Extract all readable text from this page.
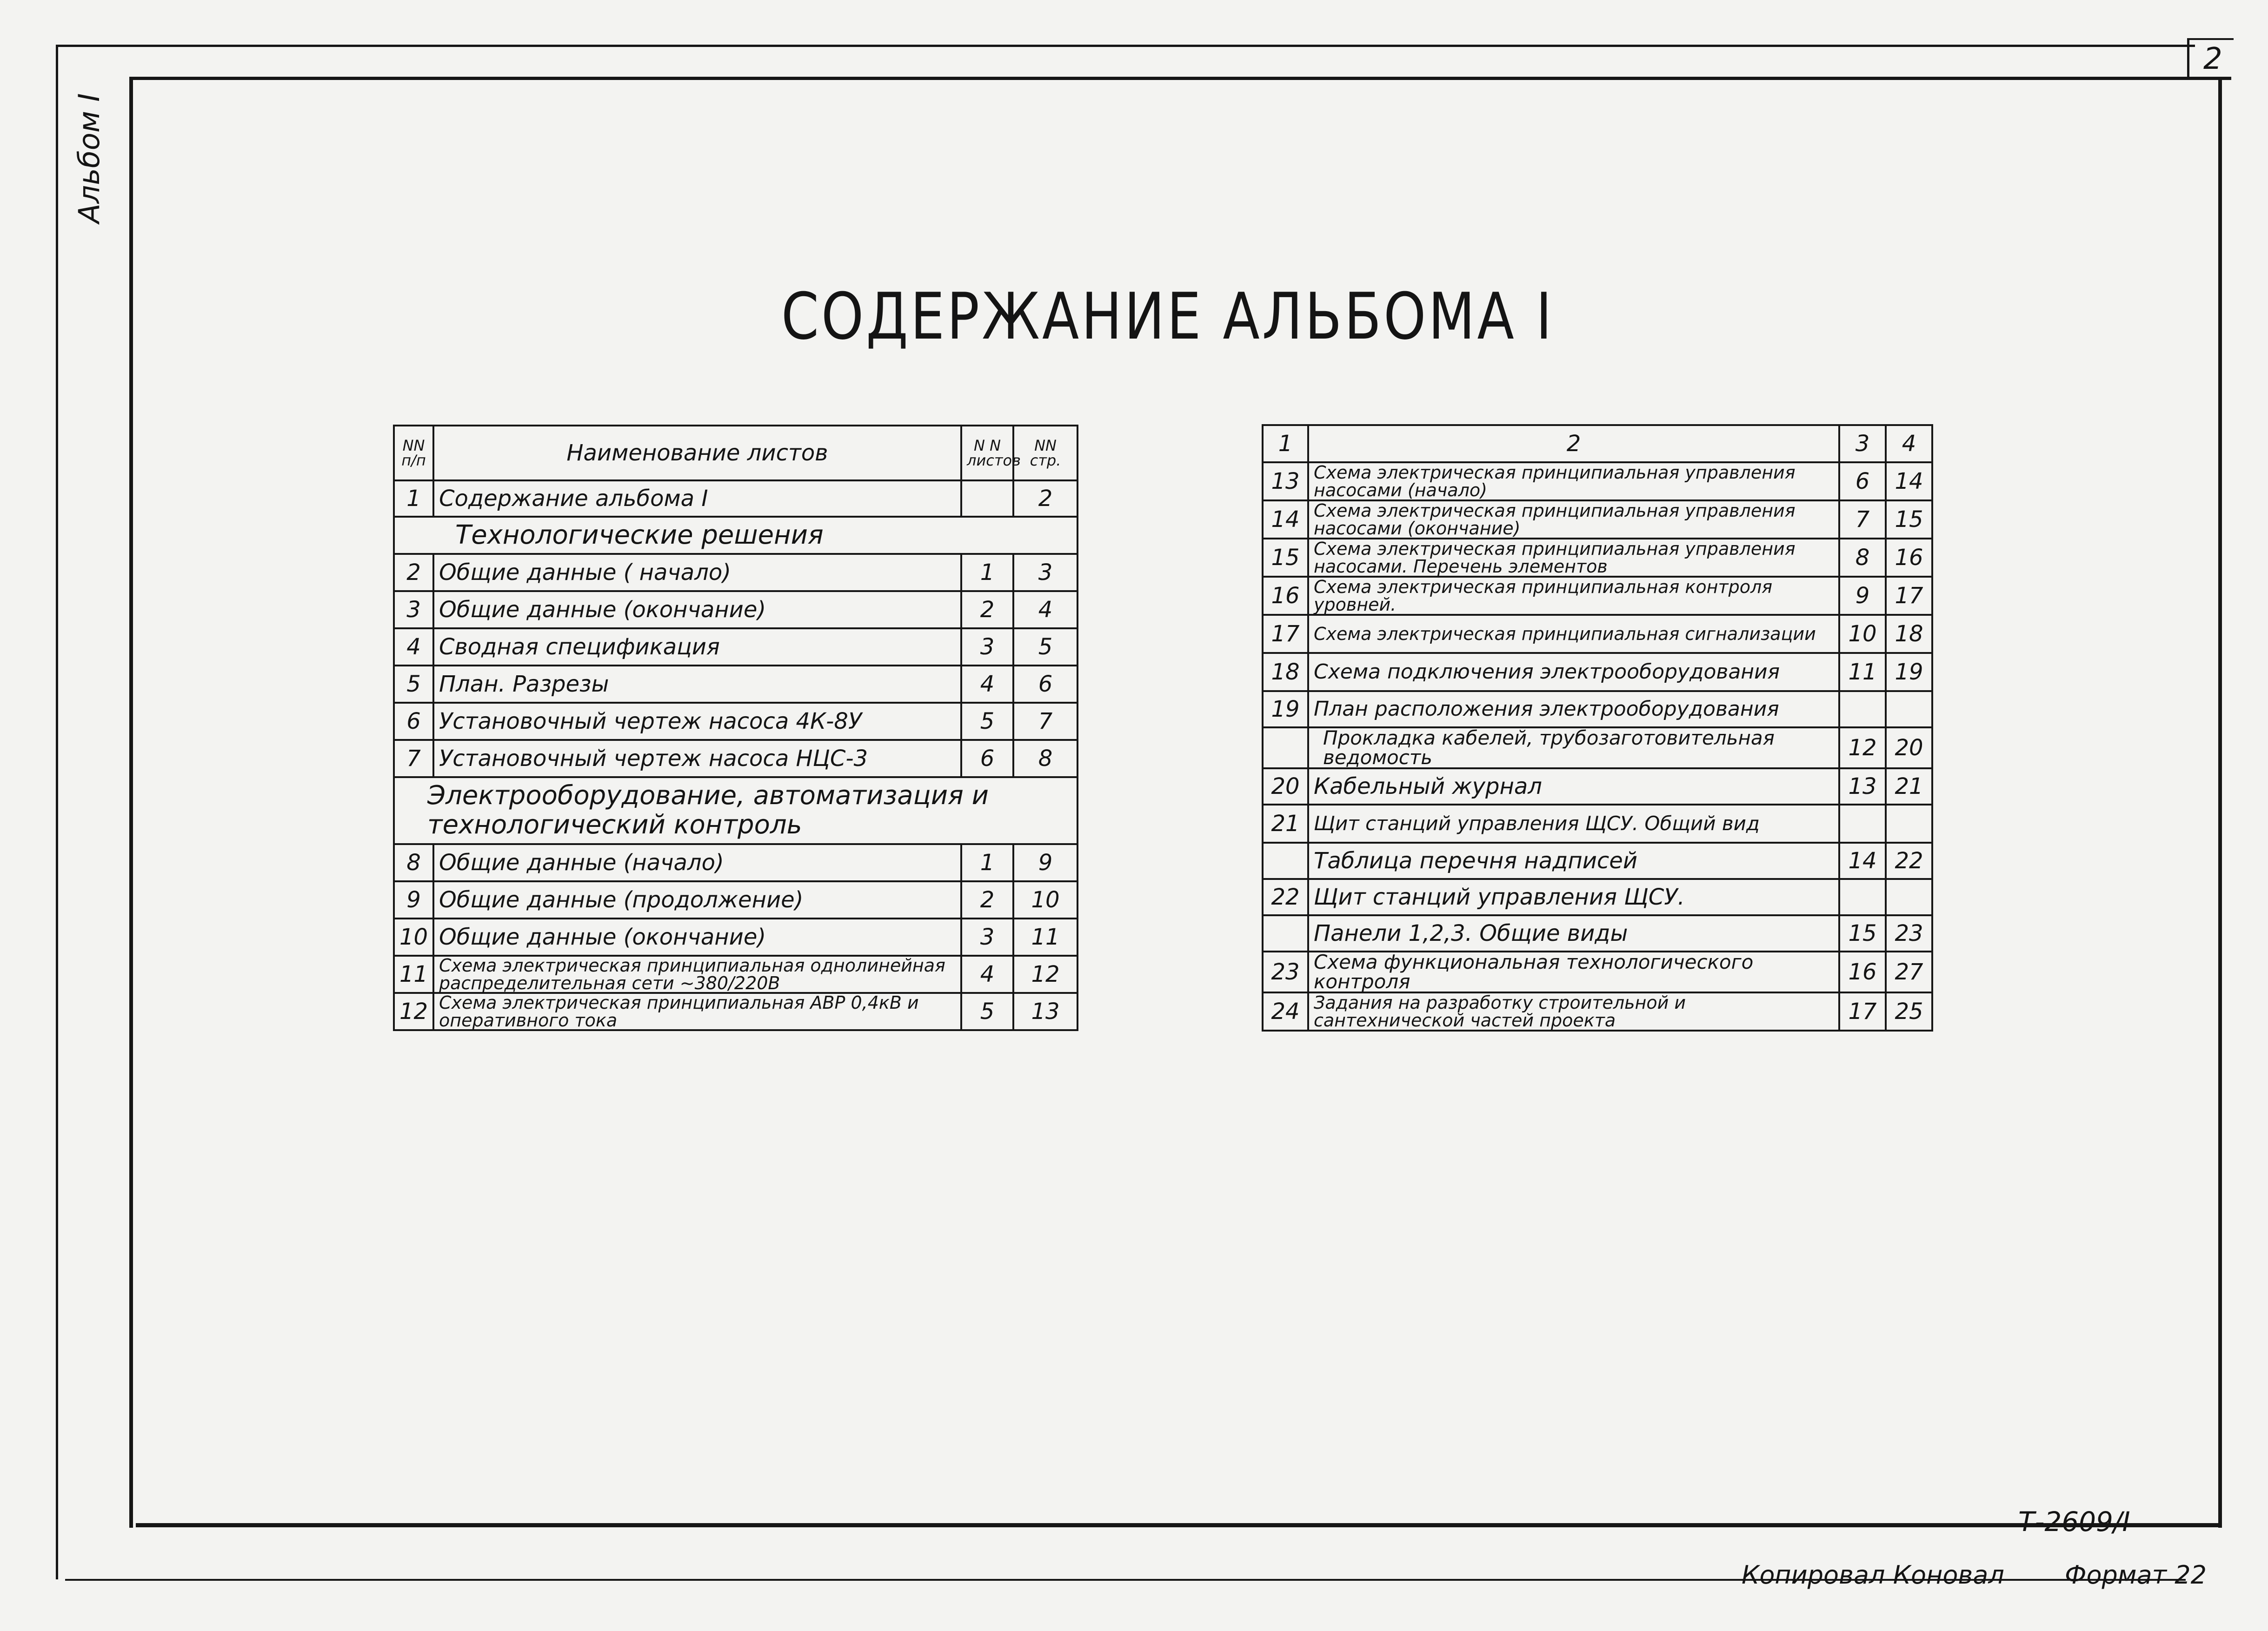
Альбом I
2
СОДЕРЖАНИЕ АЛЬБОМА I
NN п/п	Наименование листов	N N листов	NN стр.
1	Содержание альбома I		2
Технологические решения			
2	Общие данные ( начало)	1	3
3	Общие данные (окончание)	2	4
4	Сводная спецификация	3	5
5	План. Разрезы	4	6
6	Установочный чертеж насоса 4К-8У	5	7
7	Установочный чертеж насоса НЦС-3	6	8
Электрооборудование, автоматизация и технологический контроль			
8	Общие данные (начало)	1	9
9	Общие данные (продолжение)	2	10
10	Общие данные (окончание)	3	11
11	Схема электрическая принципиальная однолинейная распределительная сети ~380/220В	4	12
12	Схема электрическая принципиальная АВР 0,4кВ и оперативного тока	5	13
1	2	3	4
13	Схема электрическая принципиальная управления насосами (начало)	6	14
14	Схема электрическая принципиальная управления насосами (окончание)	7	15
15	Схема электрическая принципиальная управления насосами. Перечень элементов	8	16
16	Схема электрическая принципиальная контроля уровней.	9	17
17	Схема электрическая принципиальная сигнализации	10	18
18	Схема подключения электрооборудования	11	19
19	План расположения электрооборудования		
	Прокладка кабелей, трубозаготовительная ведомость	12	20
20	Кабельный журнал	13	21
21	Щит станций управления ЩСУ. Общий вид		
	Таблица перечня надписей	14	22
22	Щит станций управления ЩСУ.		
	Панели 1,2,3. Общие виды	15	23
23	Схема функциональная технологического контроля	16	27
24	Задания на разработку строительной и сантехнической частей проекта	17	25
Т-2609/I
Копировал Коновал Формат 22
